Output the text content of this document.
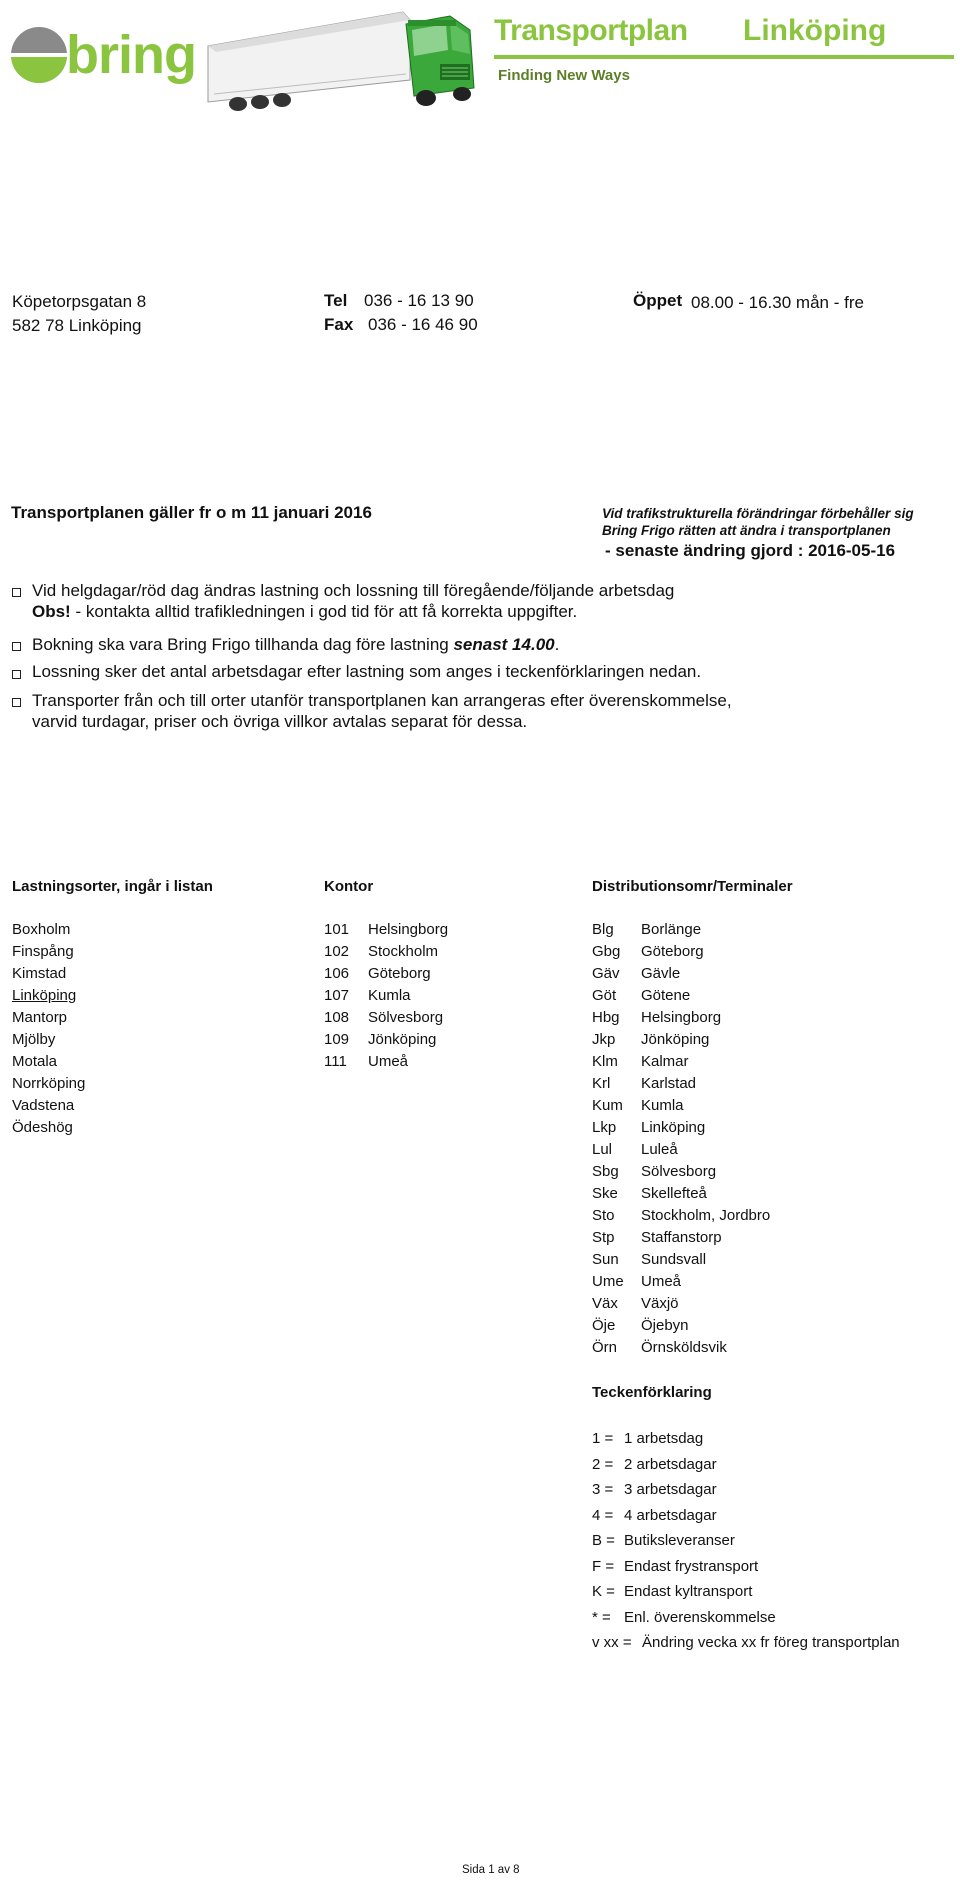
bring	Transportplan Linköping
Finding New Ways
Köpetorpsgatan 8
582 78 Linköping
Tel 036 - 16 13 90
Fax 036 - 16 46 90
Öppet 08.00 - 16.30 mån - fre
Transportplanen gäller fr o m 11 januari 2016	Vid trafikstrukturella förändringar förbehåller sig
Bring Frigo rätten att ändra i transportplanen
- senaste ändring gjord : 2016-05-16
Vid helgdagar/röd dag ändras lastning och lossning till föregående/följande arbetsdag
Obs! - kontakta alltid trafikledningen i god tid för att få korrekta uppgifter.
Bokning ska vara Bring Frigo tillhanda dag före lastning senast 14.00.
Lossning sker det antal arbetsdagar efter lastning som anges i teckenförklaringen nedan.
Transporter från och till orter utanför transportplanen kan arrangeras efter överenskommelse,
varvid turdagar, priser och övriga villkor avtalas separat för dessa.
Lastningsorter, ingår i listan	Kontor	Distributionsomr/Terminaler
Boxholm
Finspång
Kimstad
Linköping
Mantorp
Mjölby
Motala
Norrköping
Vadstena
Ödeshög
101 Helsingborg
102 Stockholm
106 Göteborg
107 Kumla
108 Sölvesborg
109 Jönköping
111 Umeå
Blg Borlänge
Gbg Göteborg
Gäv Gävle
Göt Götene
Hbg Helsingborg
Jkp Jönköping
Klm Kalmar
Krl Karlstad
Kum Kumla
Lkp Linköping
Lul Luleå
Sbg Sölvesborg
Ske Skellefteå
Sto Stockholm, Jordbro
Stp Staffanstorp
Sun Sundsvall
Ume Umeå
Väx Växjö
Öje Öjebyn
Örn Örnsköldsvik
Teckenförklaring
1 = 1 arbetsdag
2 = 2 arbetsdagar
3 = 3 arbetsdagar
4 = 4 arbetsdagar
B = Butiksleveranser
F = Endast frystransport
K = Endast kyltransport
* = Enl. överenskommelse
v xx = Ändring vecka xx fr föreg transportplan
Sida 1 av 8
